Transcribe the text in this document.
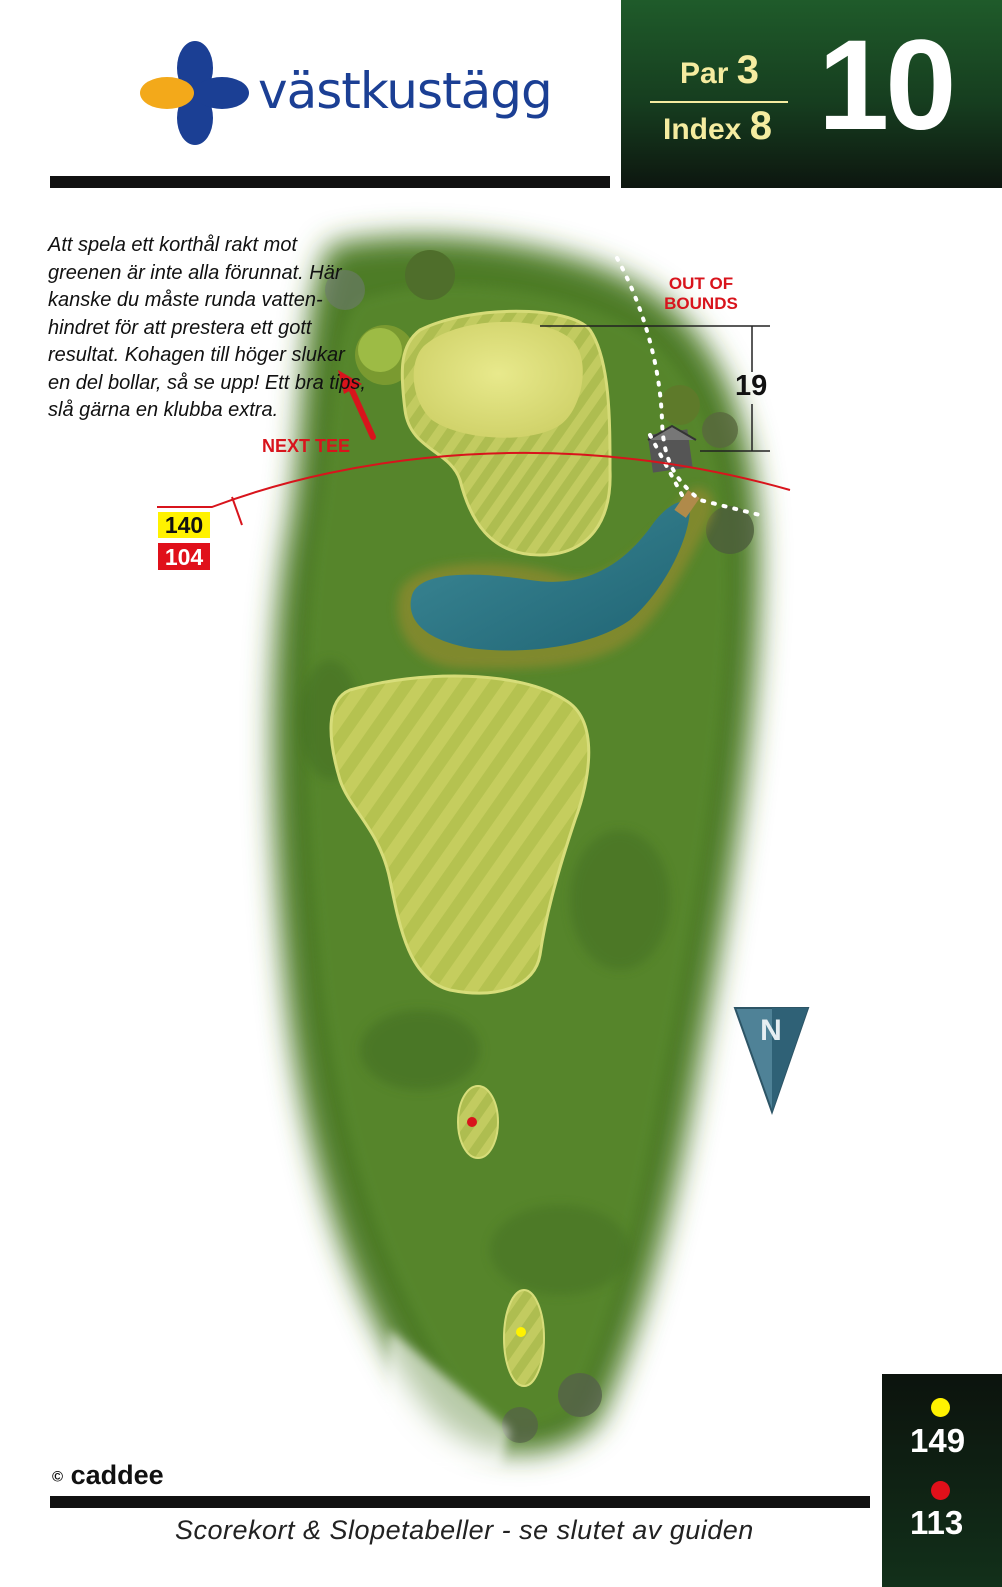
N
västkustägg	Par 3
Index 8 10
Att spela ett korthål rakt mot greenen är inte alla förunnat. Här kanske du måste runda vatten-hindret för att prestera ett gott resultat. Kohagen till höger slukar en del bollar, så se upp! Ett bra tips, slå gärna en klubba extra.
140
104
OUT OF
BOUNDS
19
NEXT TEE
© caddee
Scorekort & Slopetabeller - se slutet av guiden
149
113
